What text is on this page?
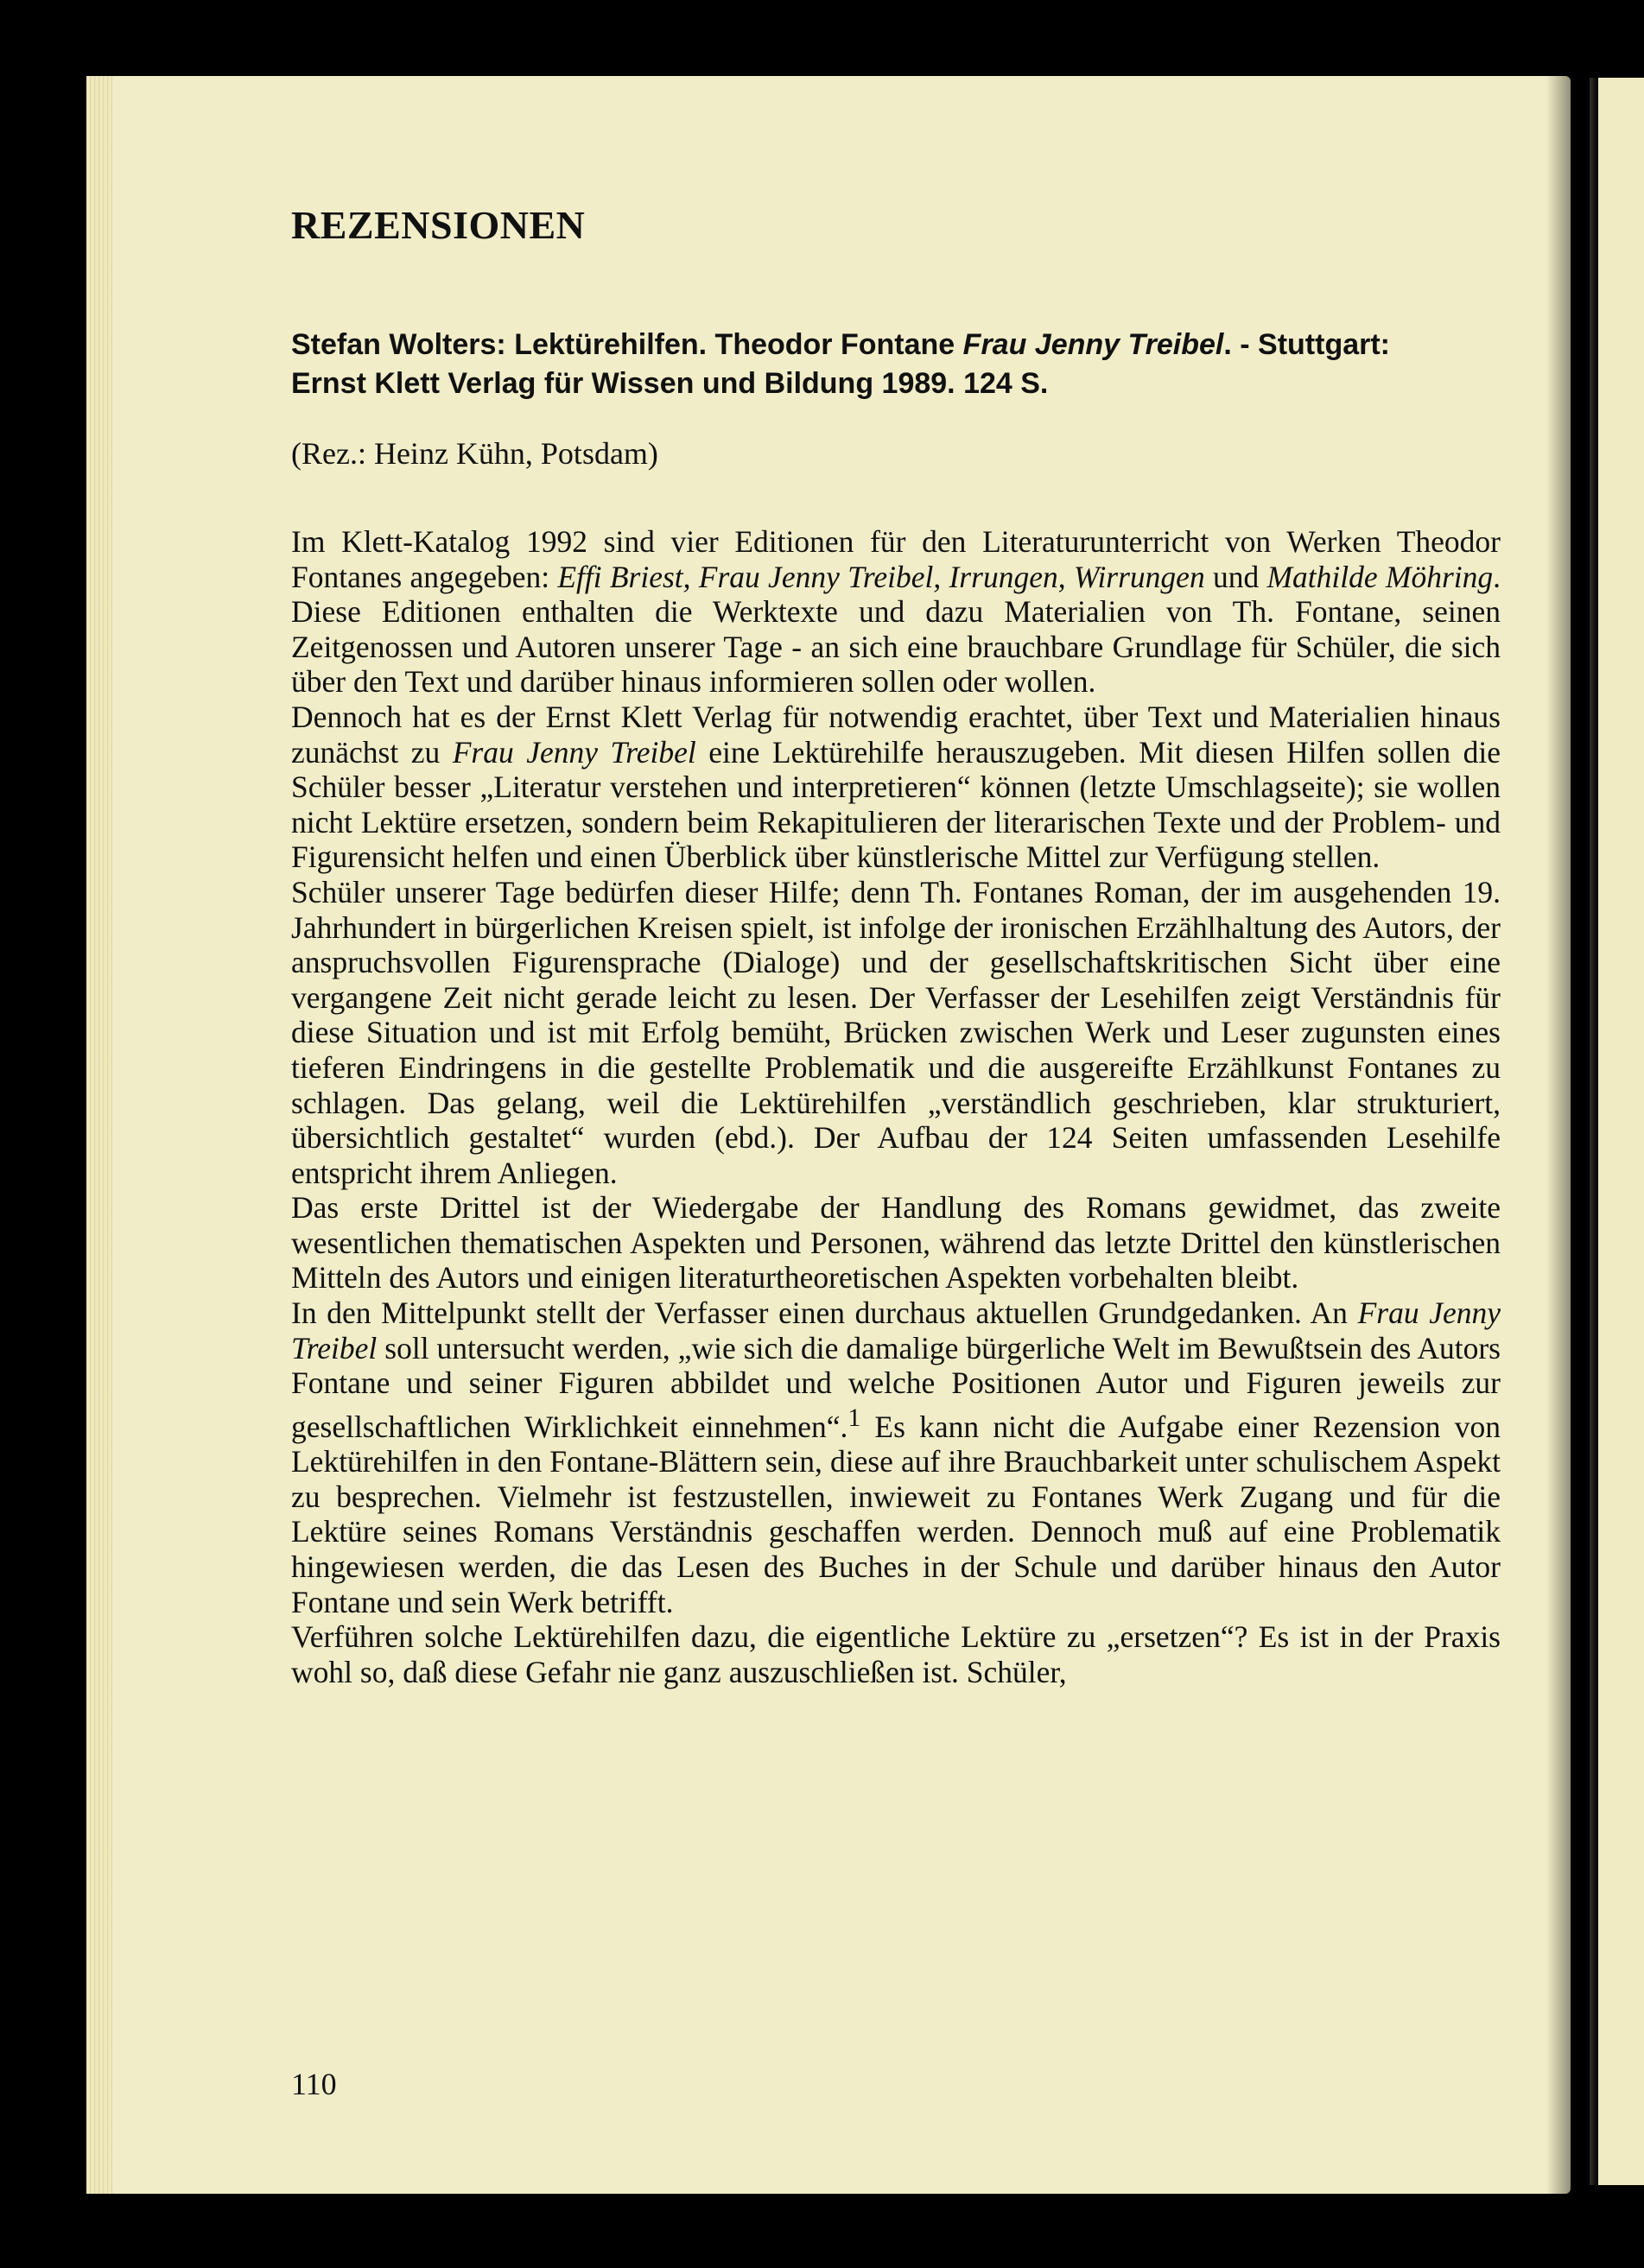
REZENSIONEN

Stefan Wolters: Lektürehilfen. Theodor Fontane Frau Jenny Treibel. - Stuttgart:
Ernst Klett Verlag für Wissen und Bildung 1989. 124 S.

(Rez.: Heinz Kühn, Potsdam)

Im Klett-Katalog 1992 sind vier Editionen für den Literaturunterricht von Werken Theodor Fontanes angegeben: Effi Briest, Frau Jenny Treibel, Irrungen, Wirrungen und Mathilde Möhring. Diese Editionen enthalten die Werktexte und dazu Materialien von Th. Fontane, seinen Zeitgenossen und Autoren unserer Tage - an sich eine brauchbare Grundlage für Schüler, die sich über den Text und darüber hinaus informieren sollen oder wollen.

Dennoch hat es der Ernst Klett Verlag für notwendig erachtet, über Text und Materialien hinaus zunächst zu Frau Jenny Treibel eine Lektürehilfe herauszugeben. Mit diesen Hilfen sollen die Schüler besser „Literatur verstehen und interpretieren“ können (letzte Umschlagseite); sie wollen nicht Lektüre ersetzen, sondern beim Rekapitulieren der literarischen Texte und der Problem- und Figurensicht helfen und einen Überblick über künstlerische Mittel zur Verfügung stellen.

Schüler unserer Tage bedürfen dieser Hilfe; denn Th. Fontanes Roman, der im ausgehenden 19. Jahrhundert in bürgerlichen Kreisen spielt, ist infolge der ironischen Erzählhaltung des Autors, der anspruchsvollen Figurensprache (Dialoge) und der gesellschaftskritischen Sicht über eine vergangene Zeit nicht gerade leicht zu lesen. Der Verfasser der Lesehilfen zeigt Verständnis für diese Situation und ist mit Erfolg bemüht, Brücken zwischen Werk und Leser zugunsten eines tieferen Eindringens in die gestellte Problematik und die ausgereifte Erzählkunst Fontanes zu schlagen. Das gelang, weil die Lektürehilfen „verständlich geschrieben, klar strukturiert, übersichtlich gestaltet“ wurden (ebd.). Der Aufbau der 124 Seiten umfassenden Lesehilfe entspricht ihrem Anliegen.

Das erste Drittel ist der Wiedergabe der Handlung des Romans gewidmet, das zweite wesentlichen thematischen Aspekten und Personen, während das letzte Drittel den künstlerischen Mitteln des Autors und einigen literaturtheoretischen Aspekten vorbehalten bleibt.

In den Mittelpunkt stellt der Verfasser einen durchaus aktuellen Grundgedanken. An Frau Jenny Treibel soll untersucht werden, „wie sich die damalige bürgerliche Welt im Bewußtsein des Autors Fontane und seiner Figuren abbildet und welche Positionen Autor und Figuren jeweils zur gesellschaftlichen Wirklichkeit einnehmen“.$^1$ Es kann nicht die Aufgabe einer Rezension von Lektürehilfen in den Fontane-Blättern sein, diese auf ihre Brauchbarkeit unter schulischem Aspekt zu besprechen. Vielmehr ist festzustellen, inwieweit zu Fontanes Werk Zugang und für die Lektüre seines Romans Verständnis geschaffen werden. Dennoch muß auf eine Problematik hingewiesen werden, die das Lesen des Buches in der Schule und darüber hinaus den Autor Fontane und sein Werk betrifft.

Verführen solche Lektürehilfen dazu, die eigentliche Lektüre zu „ersetzen“? Es ist in der Praxis wohl so, daß diese Gefahr nie ganz auszuschließen ist. Schüler,

110
